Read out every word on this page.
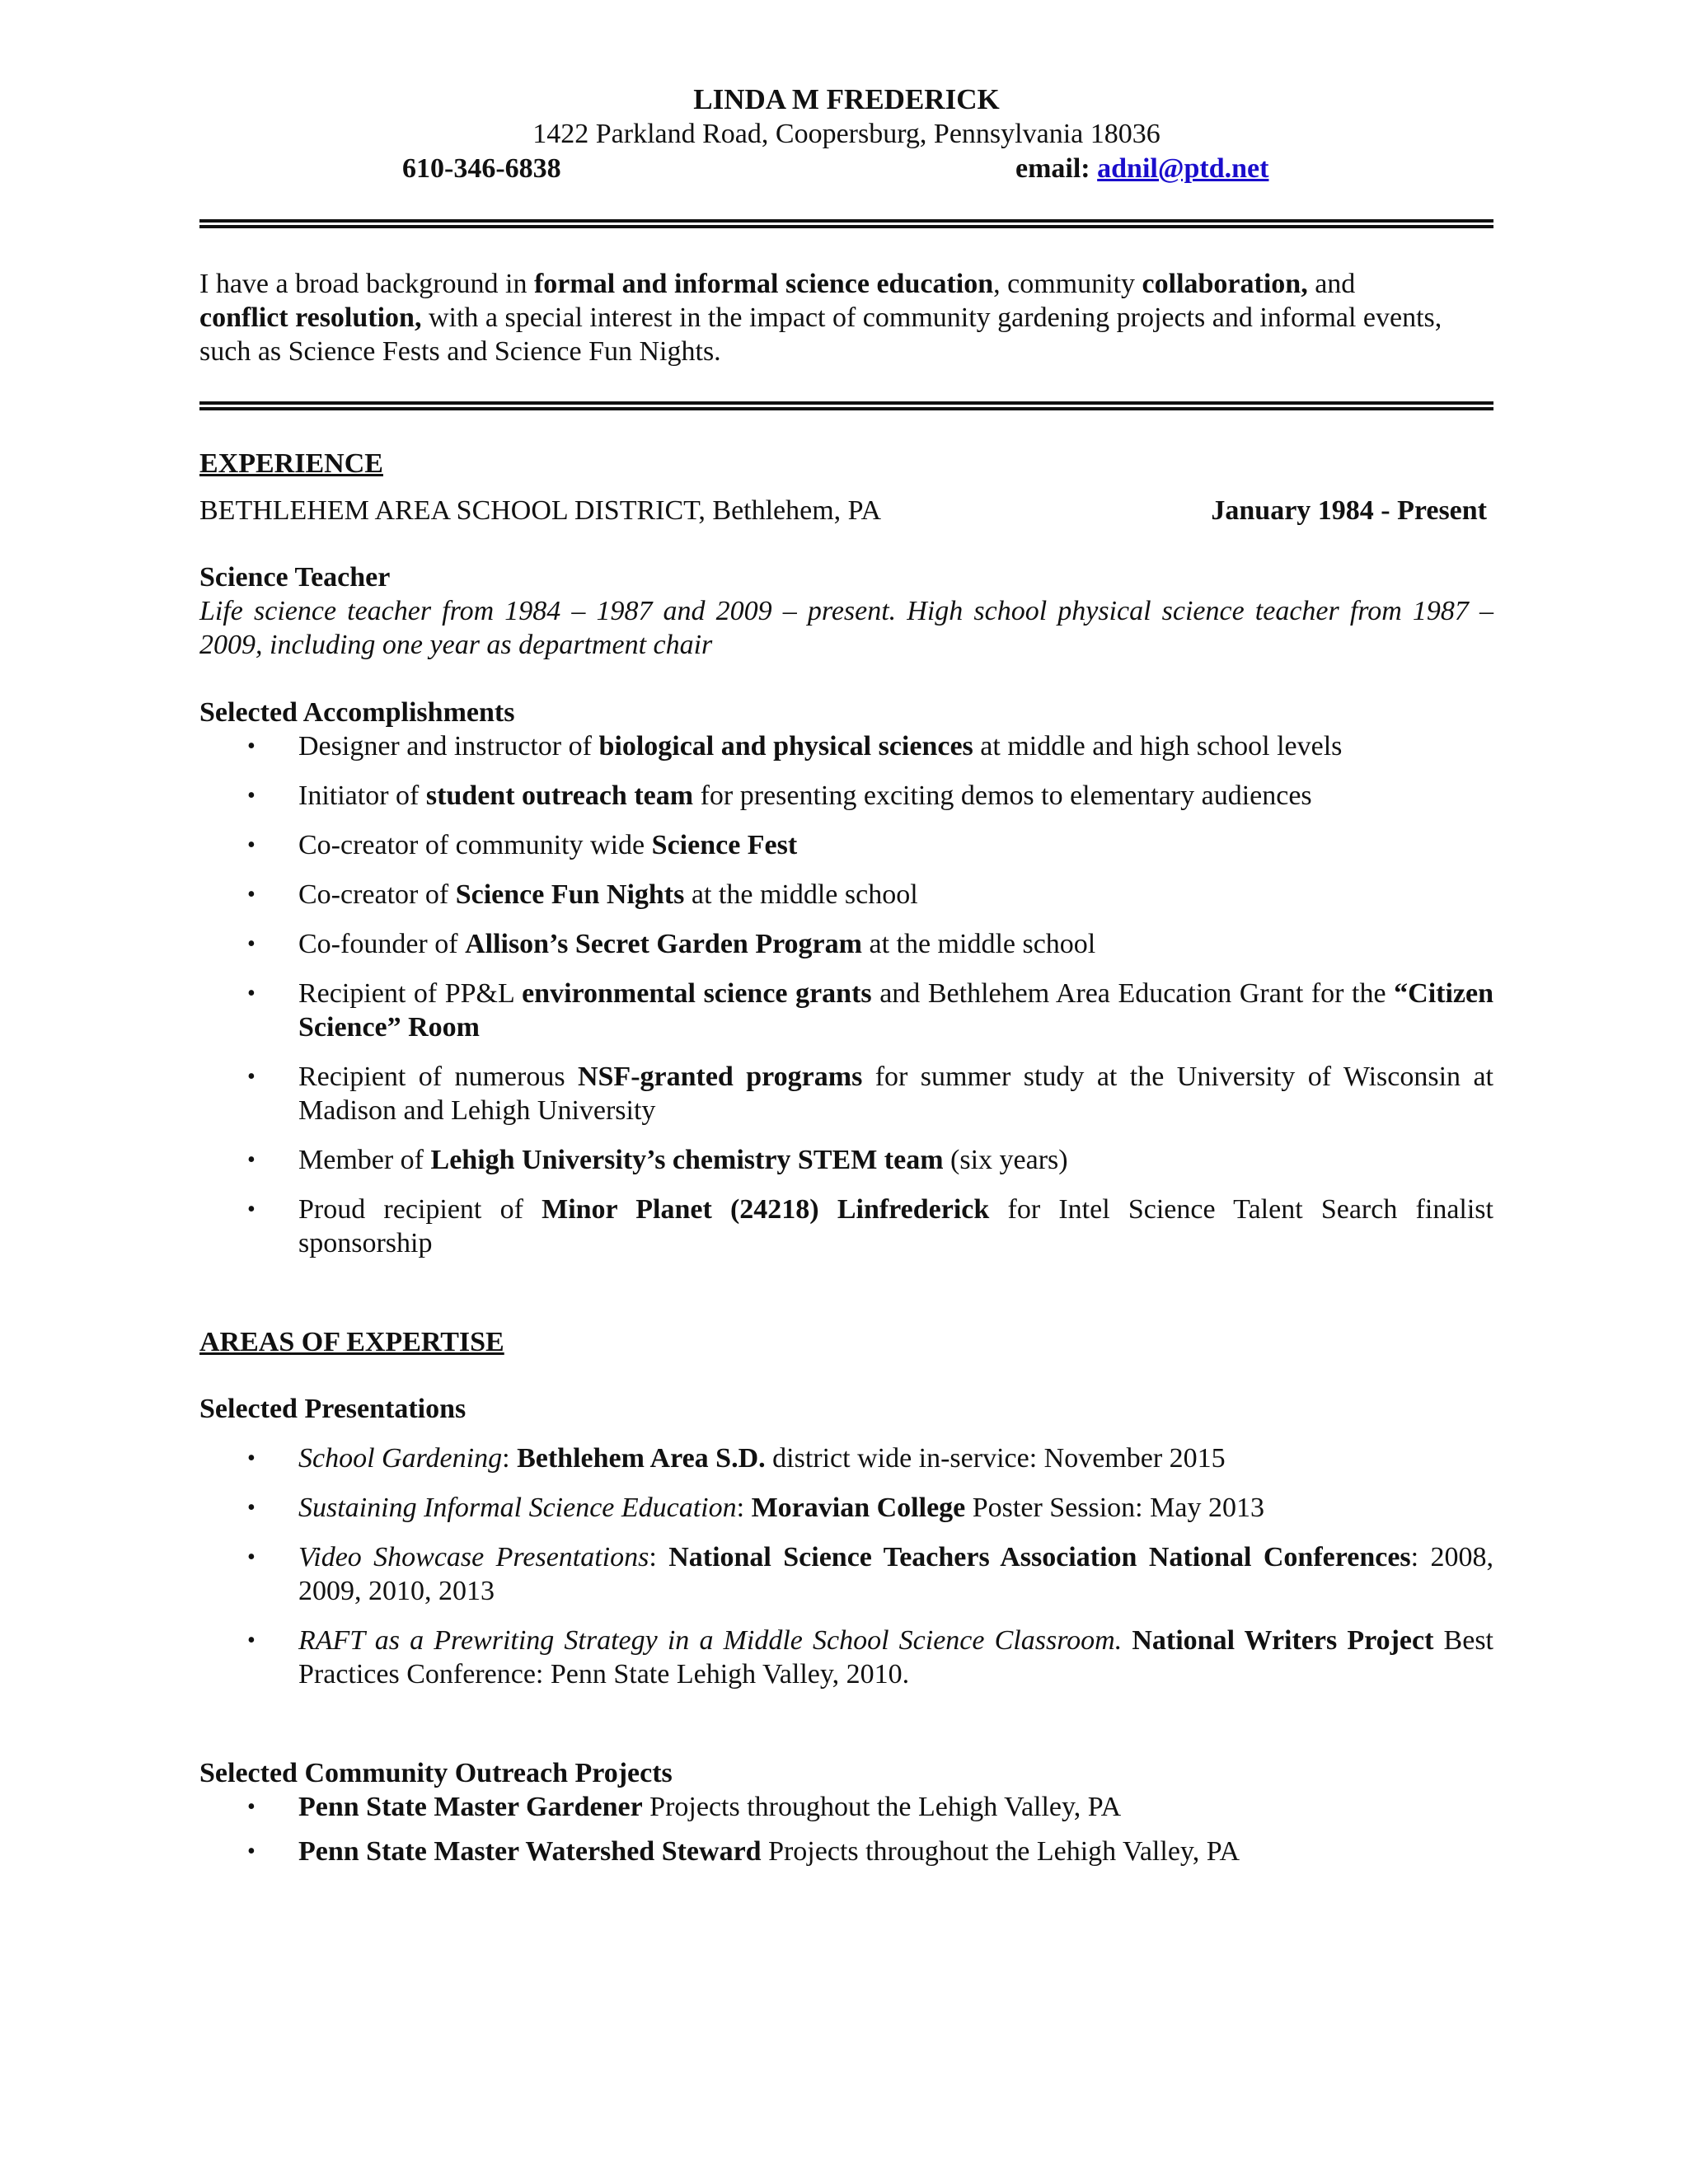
LINDA M FREDERICK
1422 Parkland Road, Coopersburg, Pennsylvania 18036
610-346-6838	email: adnil@ptd.net
I have a broad background in formal and informal science education, community collaboration, and
conflict resolution, with a special interest in the impact of community gardening projects and informal events, such as Science Fests and Science Fun Nights.
EXPERIENCE
BETHLEHEM AREA SCHOOL DISTRICT, Bethlehem, PA	January 1984 - Present
Science Teacher
Life science teacher from 1984 – 1987 and 2009 – present. High school physical science teacher from 1987 – 2009, including one year as department chair
Selected Accomplishments
• Designer and instructor of biological and physical sciences at middle and high school levels
• Initiator of student outreach team for presenting exciting demos to elementary audiences
• Co-creator of community wide Science Fest
• Co-creator of Science Fun Nights at the middle school
• Co-founder of Allison’s Secret Garden Program at the middle school
• Recipient of PP&L environmental science grants and Bethlehem Area Education Grant for the “Citizen Science” Room
• Recipient of numerous NSF-granted programs for summer study at the University of Wisconsin at Madison and Lehigh University
• Member of Lehigh University’s chemistry STEM team (six years)
• Proud recipient of Minor Planet (24218) Linfrederick for Intel Science Talent Search finalist sponsorship
AREAS OF EXPERTISE
Selected Presentations
• School Gardening: Bethlehem Area S.D. district wide in-service: November 2015
• Sustaining Informal Science Education: Moravian College Poster Session: May 2013
• Video Showcase Presentations: National Science Teachers Association National Conferences: 2008, 2009, 2010, 2013
• RAFT as a Prewriting Strategy in a Middle School Science Classroom. National Writers Project Best Practices Conference: Penn State Lehigh Valley, 2010.
Selected Community Outreach Projects
• Penn State Master Gardener Projects throughout the Lehigh Valley, PA
• Penn State Master Watershed Steward Projects throughout the Lehigh Valley, PA
